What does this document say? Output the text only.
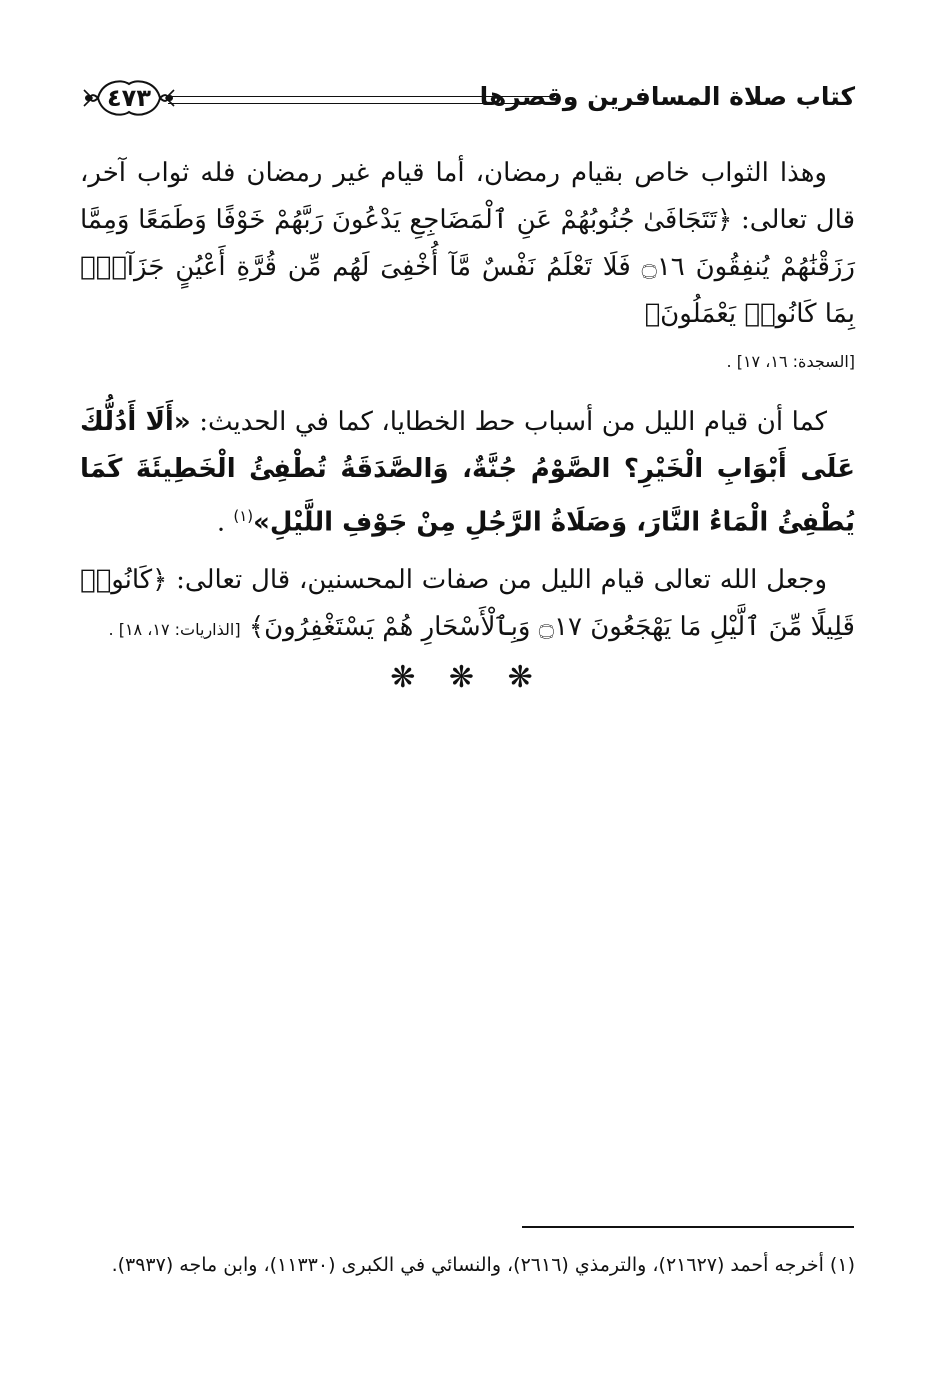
كتاب صلاة المسافرين وقصرها
٤٧٣

وهذا الثواب خاص بقيام رمضان، أما قيام غير رمضان فله ثواب آخر، قال تعالى: ﴿تَتَجَافَىٰ جُنُوبُهُمْ عَنِ ٱلْمَضَاجِعِ يَدْعُونَ رَبَّهُمْ خَوْفًا وَطَمَعًا وَمِمَّا رَزَقْنَٰهُمْ يُنفِقُونَ ۝١٦ فَلَا تَعْلَمُ نَفْسٌ مَّآ أُخْفِىَ لَهُم مِّن قُرَّةِ أَعْيُنٍ جَزَآءًۢ بِمَا كَانُوا۟ يَعْمَلُونَ﴾

[السجدة: ١٦، ١٧] .

كما أن قيام الليل من أسباب حط الخطايا، كما في الحديث: «أَلَا أَدُلُّكَ عَلَى أَبْوَابِ الْخَيْرِ؟ الصَّوْمُ جُنَّةٌ، وَالصَّدَقَةُ تُطْفِئُ الْخَطِيئَةَ كَمَا يُطْفِئُ الْمَاءُ النَّارَ، وَصَلَاةُ الرَّجُلِ مِنْ جَوْفِ اللَّيْلِ»$^{(١)}$ .

وجعل الله تعالى قيام الليل من صفات المحسنين، قال تعالى: ﴿كَانُوا۟ قَلِيلًا مِّنَ ٱلَّيْلِ مَا يَهْجَعُونَ ۝١٧ وَبِٱلْأَسْحَارِ هُمْ يَسْتَغْفِرُونَ﴾ [الذاريات: ١٧، ١٨] .

❋ ❋ ❋
(١) أخرجه أحمد (٢١٦٢٧)، والترمذي (٢٦١٦)، والنسائي في الكبرى (١١٣٣٠)، وابن ماجه (٣٩٣٧).
